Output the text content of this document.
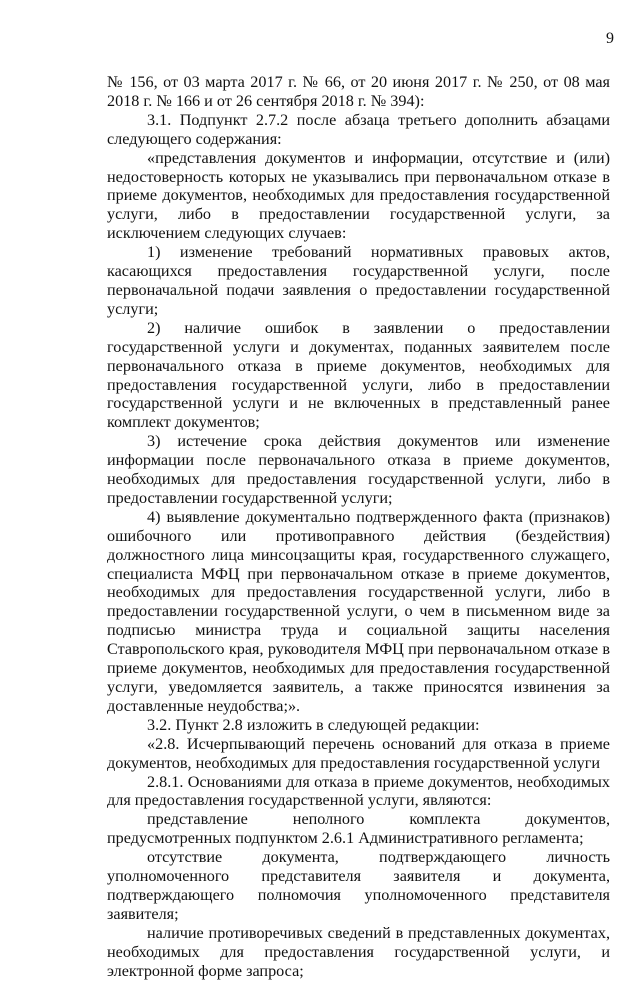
9

№ 156, от 03 марта 2017 г. № 66, от 20 июня 2017 г. № 250, от 08 мая 2018 г. № 166 и от 26 сентября 2018 г. № 394):

3.1. Подпункт 2.7.2 после абзаца третьего дополнить абзацами следующего содержания:

«представления документов и информации, отсутствие и (или) недостоверность которых не указывались при первоначальном отказе в приеме документов, необходимых для предоставления государственной услуги, либо в предоставлении государственной услуги, за исключением следующих случаев:

1) изменение требований нормативных правовых актов, касающихся предоставления государственной услуги, после первоначальной подачи заявления о предоставлении государственной услуги;

2) наличие ошибок в заявлении о предоставлении государственной услуги и документах, поданных заявителем после первоначального отказа в приеме документов, необходимых для предоставления государственной услуги, либо в предоставлении государственной услуги и не включенных в представленный ранее комплект документов;

3) истечение срока действия документов или изменение информации после первоначального отказа в приеме документов, необходимых для предоставления государственной услуги, либо в предоставлении государственной услуги;

4) выявление документально подтвержденного факта (признаков) ошибочного или противоправного действия (бездействия) должностного лица минсоцзащиты края, государственного служащего, специалиста МФЦ при первоначальном отказе в приеме документов, необходимых для предоставления государственной услуги, либо в предоставлении государственной услуги, о чем в письменном виде за подписью министра труда и социальной защиты населения Ставропольского края, руководителя МФЦ при первоначальном отказе в приеме документов, необходимых для предоставления государственной услуги, уведомляется заявитель, а также приносятся извинения за доставленные неудобства;».

3.2. Пункт 2.8 изложить в следующей редакции:

«2.8. Исчерпывающий перечень оснований для отказа в приеме документов, необходимых для предоставления государственной услуги

2.8.1. Основаниями для отказа в приеме документов, необходимых для предоставления государственной услуги, являются:

представление неполного комплекта документов, предусмотренных подпунктом 2.6.1 Административного регламента;

отсутствие документа, подтверждающего личность уполномоченного представителя заявителя и документа, подтверждающего полномочия уполномоченного представителя заявителя;

наличие противоречивых сведений в представленных документах, необходимых для предоставления государственной услуги, и электронной форме запроса;
